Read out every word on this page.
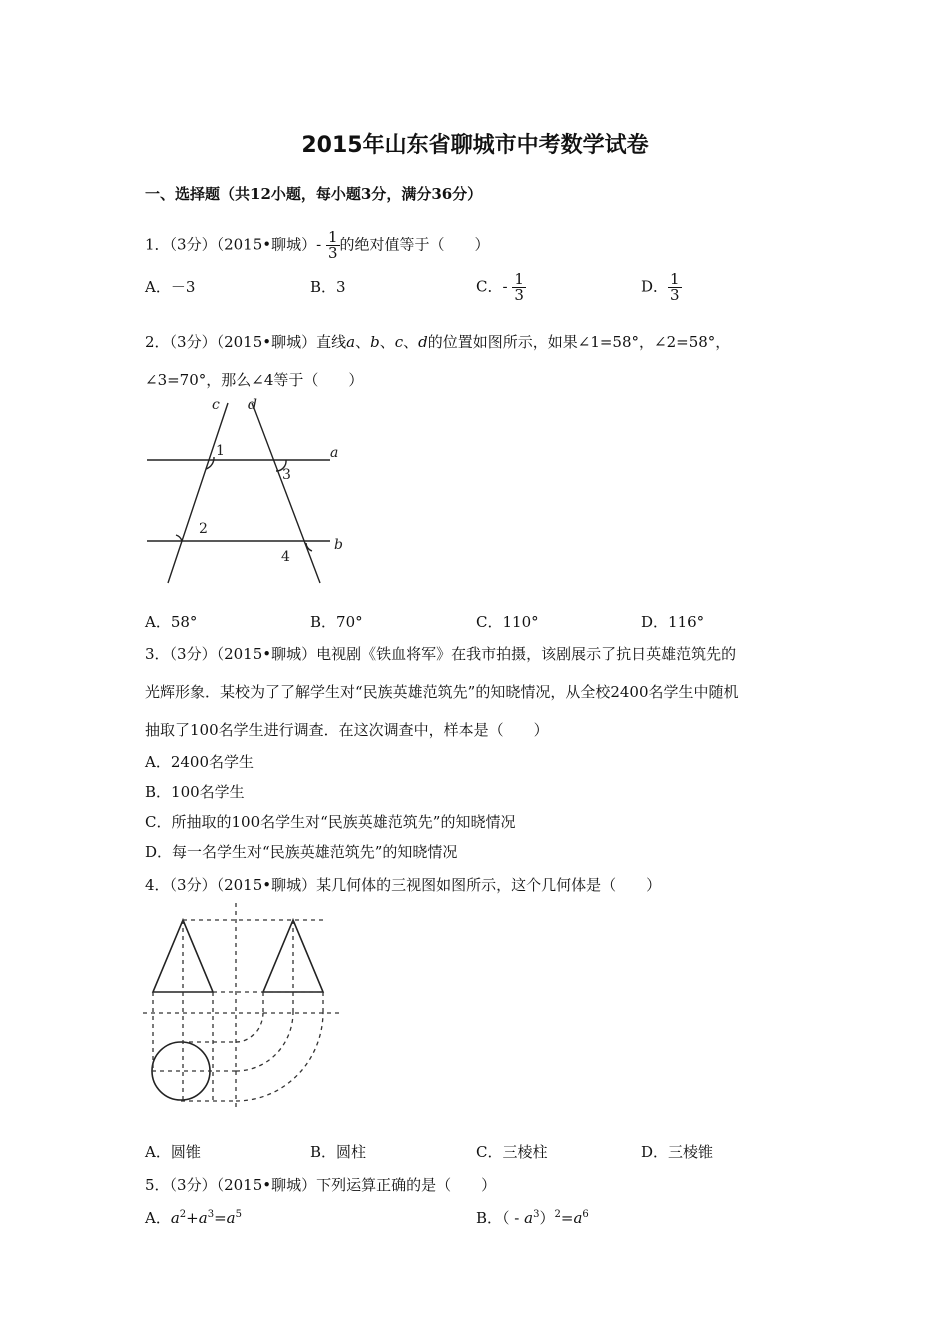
2015年山东省聊城市中考数学试卷
一、选择题（共12小题，每小题3分，满分36分）
1．（3分）（2015•聊城）- $\frac{1}{3}$ 的绝对值等于（　　）
A．－3	B．3	C．- $\frac{1}{3}$	D． $\frac{1}{3}$
2．（3分）（2015•聊城）直线a、b、c、d的位置如图所示，如果∠1=58°，∠2=58°，
∠3=70°，那么∠4等于（　　）
c d
a
b
1
3
2
4
A．58°	B．70°	C．110°	D．116°
3．（3分）（2015•聊城）电视剧《铁血将军》在我市拍摄，该剧展示了抗日英雄范筑先的
光辉形象．某校为了了解学生对“民族英雄范筑先”的知晓情况，从全校2400名学生中随机
抽取了100名学生进行调查．在这次调查中，样本是（　　）
A．2400名学生
B．100名学生
C．所抽取的100名学生对“民族英雄范筑先”的知晓情况
D．每一名学生对“民族英雄范筑先”的知晓情况
4．（3分）（2015•聊城）某几何体的三视图如图所示，这个几何体是（　　）
A．圆锥	B．圆柱	C．三棱柱	D．三棱锥
5．（3分）（2015•聊城）下列运算正确的是（　　）
A．$a^2+a^3=a^5$	B．（ - $a^3)^2=a^6$
